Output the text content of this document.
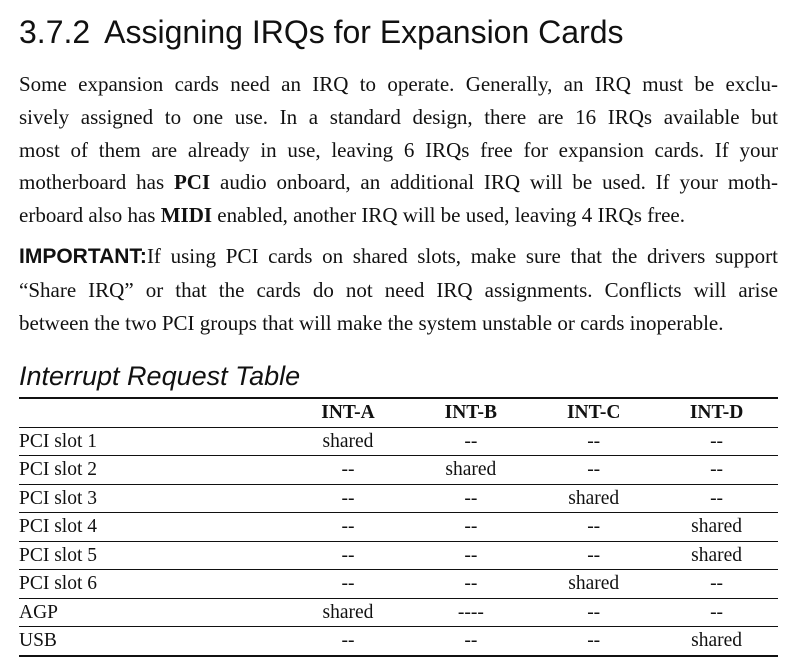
3.7.2 Assigning IRQs for Expansion Cards

Some expansion cards need an IRQ to operate. Generally, an IRQ must be exclu-
sively assigned to one use. In a standard design, there are 16 IRQs available but
most of them are already in use, leaving 6 IRQs free for expansion cards. If your
motherboard has PCI audio onboard, an additional IRQ will be used. If your moth-
erboard also has MIDI enabled, another IRQ will be used, leaving 4 IRQs free.

IMPORTANT:If using PCI cards on shared slots, make sure that the drivers support
“Share IRQ” or that the cards do not need IRQ assignments. Conflicts will arise
between the two PCI groups that will make the system unstable or cards inoperable.

Interrupt Request Table
	INT-A	INT-B	INT-C	INT-D
PCI slot 1	shared	--	--	--
PCI slot 2	--	shared	--	--
PCI slot 3	--	--	shared	--
PCI slot 4	--	--	--	shared
PCI slot 5	--	--	--	shared
PCI slot 6	--	--	shared	--
AGP	shared	----	--	--
USB	--	--	--	shared
